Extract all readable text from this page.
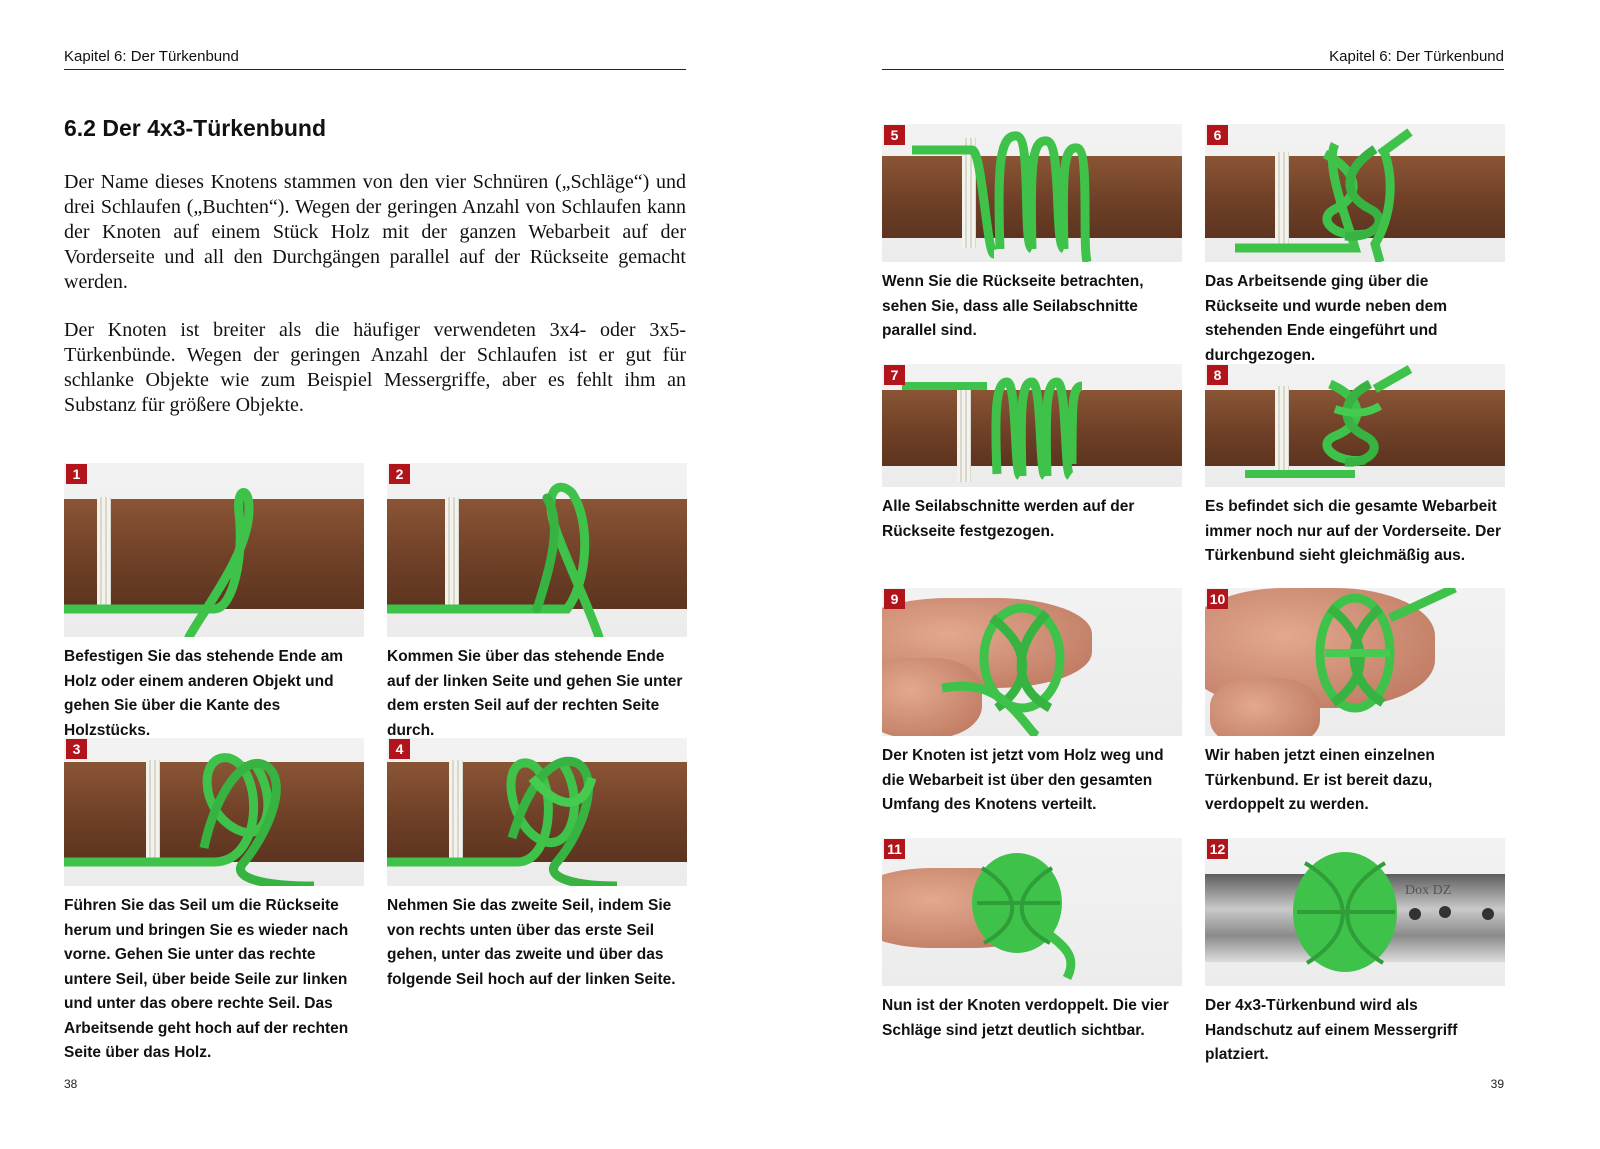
Kapitel 6: Der Türkenbund	Kapitel 6: Der Türkenbund
6.2 Der 4x3-Türkenbund

Der Name dieses Knotens stammen von den vier Schnüren („Schläge“) und drei Schlaufen („Buchten“). Wegen der geringen Anzahl von Schlaufen kann der Knoten auf einem Stück Holz mit der ganzen Webarbeit auf der Vorderseite und all den Durchgängen parallel auf der Rückseite gemacht werden.

Der Knoten ist breiter als die häufiger verwendeten 3x4- oder 3x5-Türkenbünde. Wegen der geringen Anzahl der Schlaufen ist er gut für schlanke Objekte wie zum Beispiel Messergriffe, aber es fehlt ihm an Substanz für größere Objekte.

1

Befestigen Sie das stehende Ende am Holz oder einem anderen Objekt und gehen Sie über die Kante des Holzstücks.

2

Kommen Sie über das stehende Ende auf der linken Seite und gehen Sie unter dem ersten Seil auf der rechten Seite durch.

3

Führen Sie das Seil um die Rückseite herum und bringen Sie es wieder nach vorne. Gehen Sie unter das rechte untere Seil, über beide Seile zur linken und unter das obere rechte Seil. Das Arbeitsende geht hoch auf der rechten Seite über das Holz.

4

Nehmen Sie das zweite Seil, indem Sie von rechts unten über das erste Seil gehen, unter das zweite und über das folgende Seil hoch auf der linken Seite.

5

Wenn Sie die Rückseite betrachten, sehen Sie, dass alle Seilabschnitte parallel sind.

6

Das Arbeitsende ging über die Rückseite und wurde neben dem stehenden Ende eingeführt und durchgezogen.

7

Alle Seilabschnitte werden auf der Rückseite festgezogen.

8

Es befindet sich die gesamte Webarbeit immer noch nur auf der Vorderseite. Der Türkenbund sieht gleichmäßig aus.

9

Der Knoten ist jetzt vom Holz weg und die Webarbeit ist über den gesamten Umfang des Knotens verteilt.

10

Wir haben jetzt einen einzelnen Türkenbund. Er ist bereit dazu, verdoppelt zu werden.

11

Nun ist der Knoten verdoppelt. Die vier Schläge sind jetzt deutlich sichtbar.

12
Dox DZ

Der 4x3-Türkenbund wird als Handschutz auf einem Messergriff platziert.

38	39
